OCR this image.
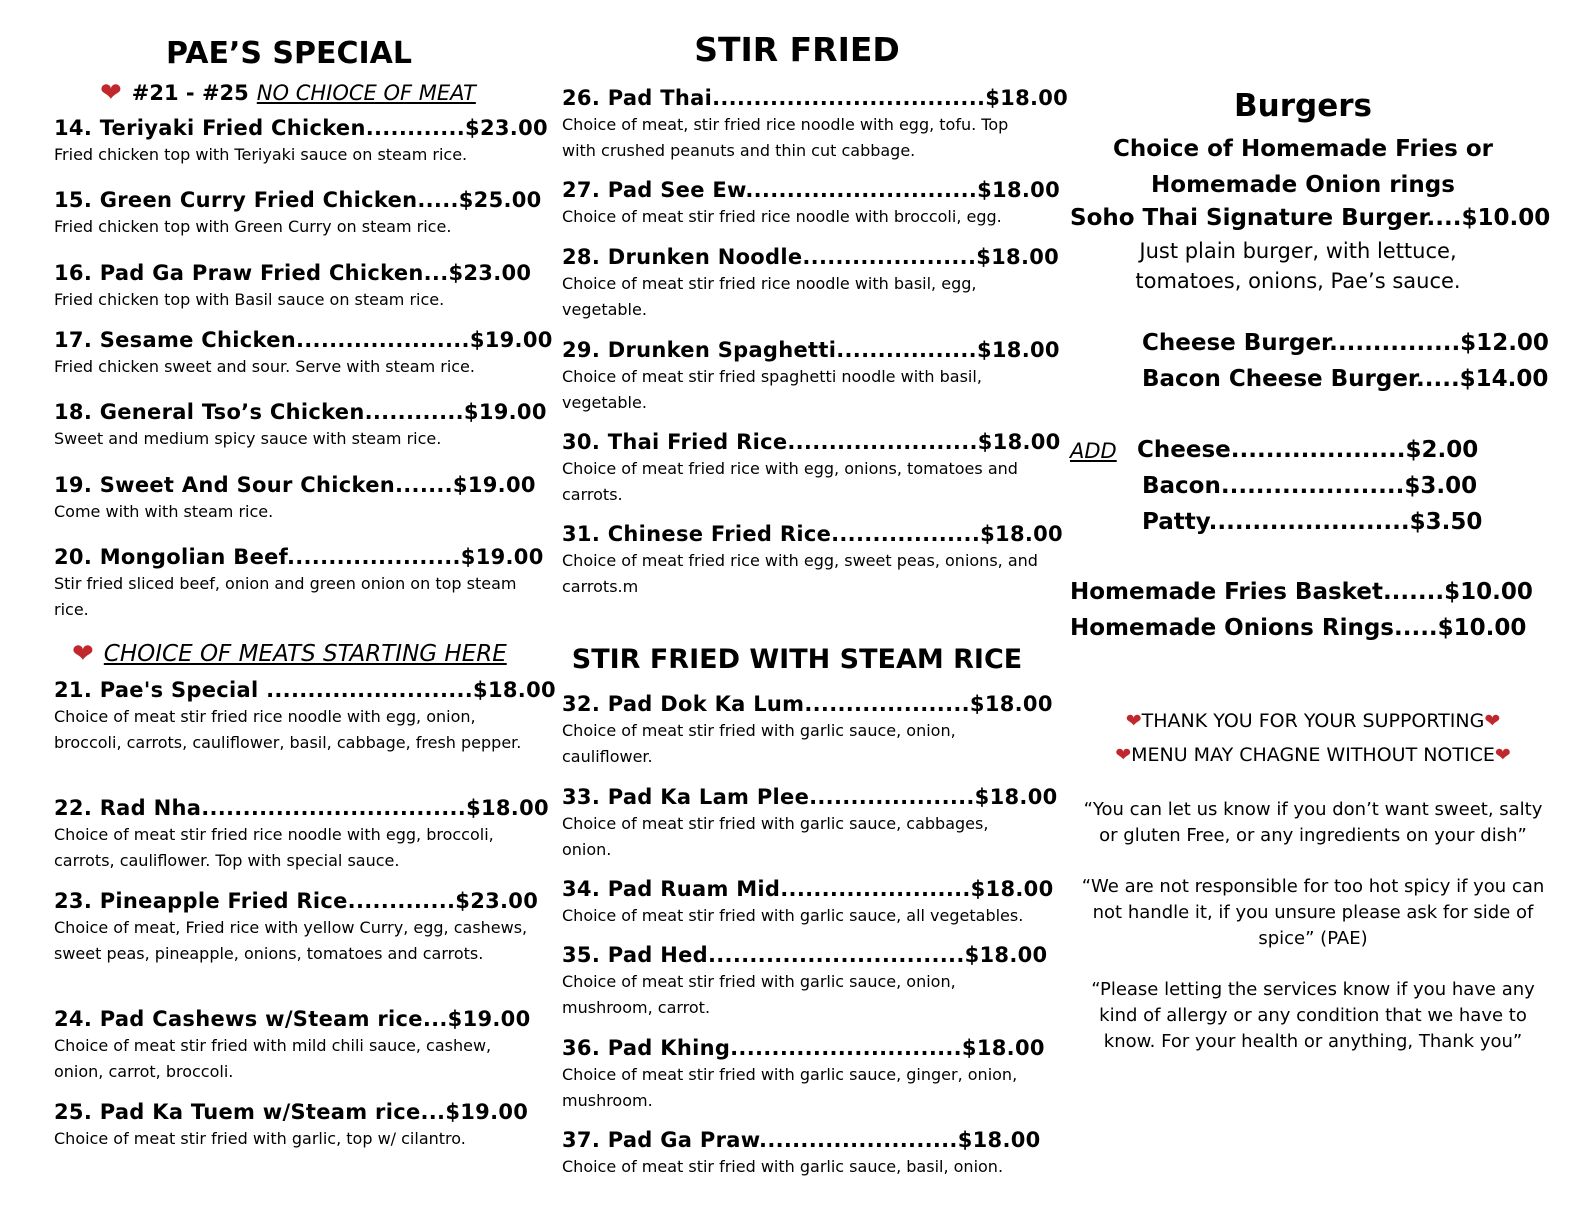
PAE’S SPECIAL
❤ #21 - #25 NO CHIOCE OF MEAT
14. Teriyaki Fried Chicken............$23.00
Fried chicken top with Teriyaki sauce on steam rice.
15. Green Curry Fried Chicken.....$25.00
Fried chicken top with Green Curry on steam rice.
16. Pad Ga Praw Fried Chicken...$23.00
Fried chicken top with Basil sauce on steam rice.
17. Sesame Chicken.....................$19.00
Fried chicken sweet and sour. Serve with steam rice.
18. General Tso’s Chicken............$19.00
Sweet and medium spicy sauce with steam rice.
19. Sweet And Sour Chicken.......$19.00
Come with with steam rice.
20. Mongolian Beef.....................$19.00
Stir fried sliced beef, onion and green onion on top steam rice.
❤ CHOICE OF MEATS STARTING HERE
21. Pae's Special .........................$18.00
Choice of meat stir fried rice noodle with egg, onion, broccoli, carrots, cauliflower, basil, cabbage, fresh pepper.
22. Rad Nha................................$18.00
Choice of meat stir fried rice noodle with egg, broccoli, carrots, cauliflower. Top with special sauce.
23. Pineapple Fried Rice.............$23.00
Choice of meat, Fried rice with yellow Curry, egg, cashews, sweet peas, pineapple, onions, tomatoes and carrots.
24. Pad Cashews w/Steam rice...$19.00
Choice of meat stir fried with mild chili sauce, cashew, onion, carrot, broccoli.
25. Pad Ka Tuem w/Steam rice...$19.00
Choice of meat stir fried with garlic, top w/ cilantro.
STIR FRIED
26. Pad Thai.................................$18.00
Choice of meat, stir fried rice noodle with egg, tofu. Top with crushed peanuts and thin cut cabbage.
27. Pad See Ew............................$18.00
Choice of meat stir fried rice noodle with broccoli, egg.
28. Drunken Noodle.....................$18.00
Choice of meat stir fried rice noodle with basil, egg, vegetable.
29. Drunken Spaghetti.................$18.00
Choice of meat stir fried spaghetti noodle with basil, vegetable.
30. Thai Fried Rice.......................$18.00
Choice of meat fried rice with egg, onions, tomatoes and carrots.
31. Chinese Fried Rice..................$18.00
Choice of meat fried rice with egg, sweet peas, onions, and carrots.m
STIR FRIED WITH STEAM RICE
32. Pad Dok Ka Lum....................$18.00
Choice of meat stir fried with garlic sauce, onion, cauliflower.
33. Pad Ka Lam Plee....................$18.00
Choice of meat stir fried with garlic sauce, cabbages, onion.
34. Pad Ruam Mid.......................$18.00
Choice of meat stir fried with garlic sauce, all vegetables.
35. Pad Hed...............................$18.00
Choice of meat stir fried with garlic sauce, onion, mushroom, carrot.
36. Pad Khing............................$18.00
Choice of meat stir fried with garlic sauce, ginger, onion, mushroom.
37. Pad Ga Praw........................$18.00
Choice of meat stir fried with garlic sauce, basil, onion.
Burgers
Choice of Homemade Fries or
Homemade Onion rings
Soho Thai Signature Burger....$10.00
Just plain burger, with lettuce,
tomatoes, onions, Pae’s sauce.
Cheese Burger...............$12.00
Bacon Cheese Burger.....$14.00
ADD Cheese....................$2.00
Bacon.....................$3.00
Patty.......................$3.50
Homemade Fries Basket.......$10.00
Homemade Onions Rings.....$10.00
❤THANK YOU FOR YOUR SUPPORTING❤
❤MENU MAY CHAGNE WITHOUT NOTICE❤
“You can let us know if you don’t want sweet, salty or gluten Free, or any ingredients on your dish”
“We are not responsible for too hot spicy if you can not handle it, if you unsure please ask for side of spice” (PAE)
“Please letting the services know if you have any kind of allergy or any condition that we have to know. For your health or anything, Thank you”
